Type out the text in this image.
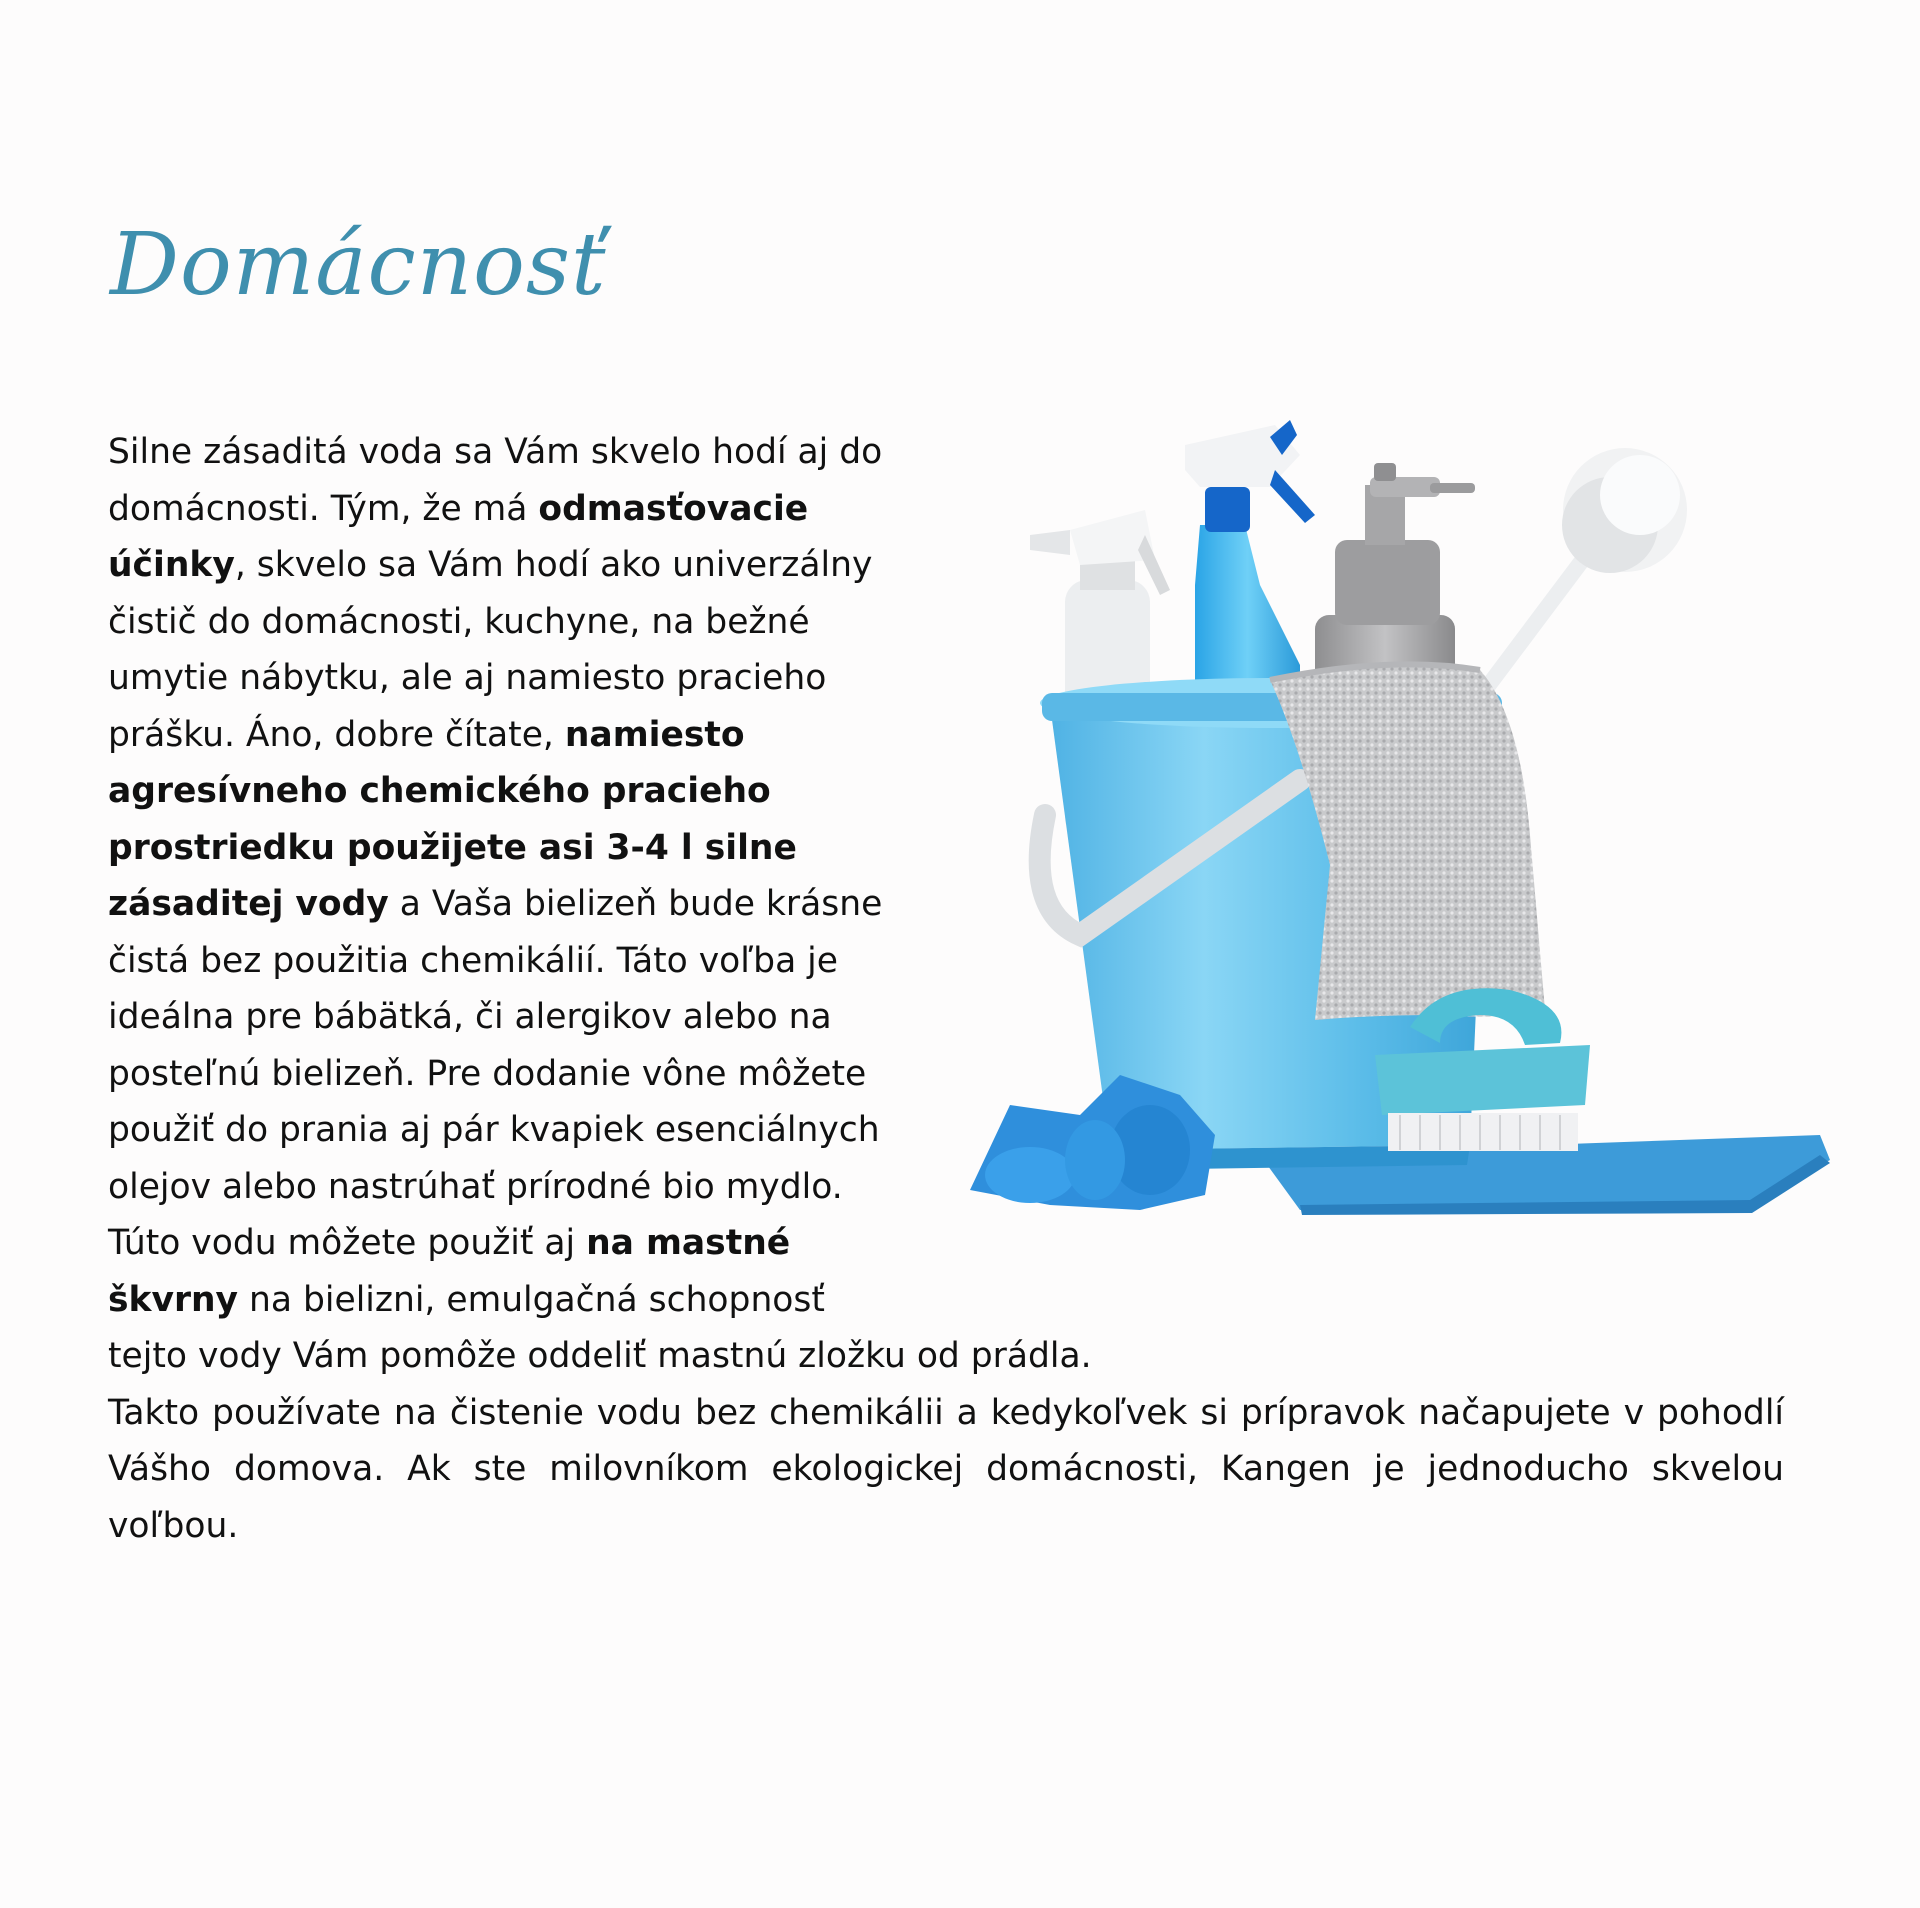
Domácnosť

Silne zásaditá voda sa Vám skvelo hodí aj do domácnosti. Tým, že má odmasťovacie účinky, skvelo sa Vám hodí ako univerzálny čistič do domácnosti, kuchyne, na bežné umytie nábytku, ale aj namiesto pracieho prášku. Áno, dobre čítate, namiesto agresívneho chemického pracieho prostriedku použijete asi 3-4 l silne zásaditej vody a Vaša bielizeň bude krásne čistá bez použitia chemikálií. Táto voľba je ideálna pre bábätká, či alergikov alebo na posteľnú bielizeň. Pre dodanie vône môžete použiť do prania aj pár kvapiek esenciálnych olejov alebo nastrúhať prírodné bio mydlo. Túto vodu môžete použiť aj na mastné škvrny na bielizni, emulgačná schopnosť tejto vody Vám pomôže oddeliť mastnú zložku od prádla.

Takto používate na čistenie vodu bez chemikálii a kedykoľvek si prípravok načapujete v pohodlí Vášho domova. Ak ste milovníkom ekologickej domácnosti, Kangen je jednoducho skvelou voľbou.
